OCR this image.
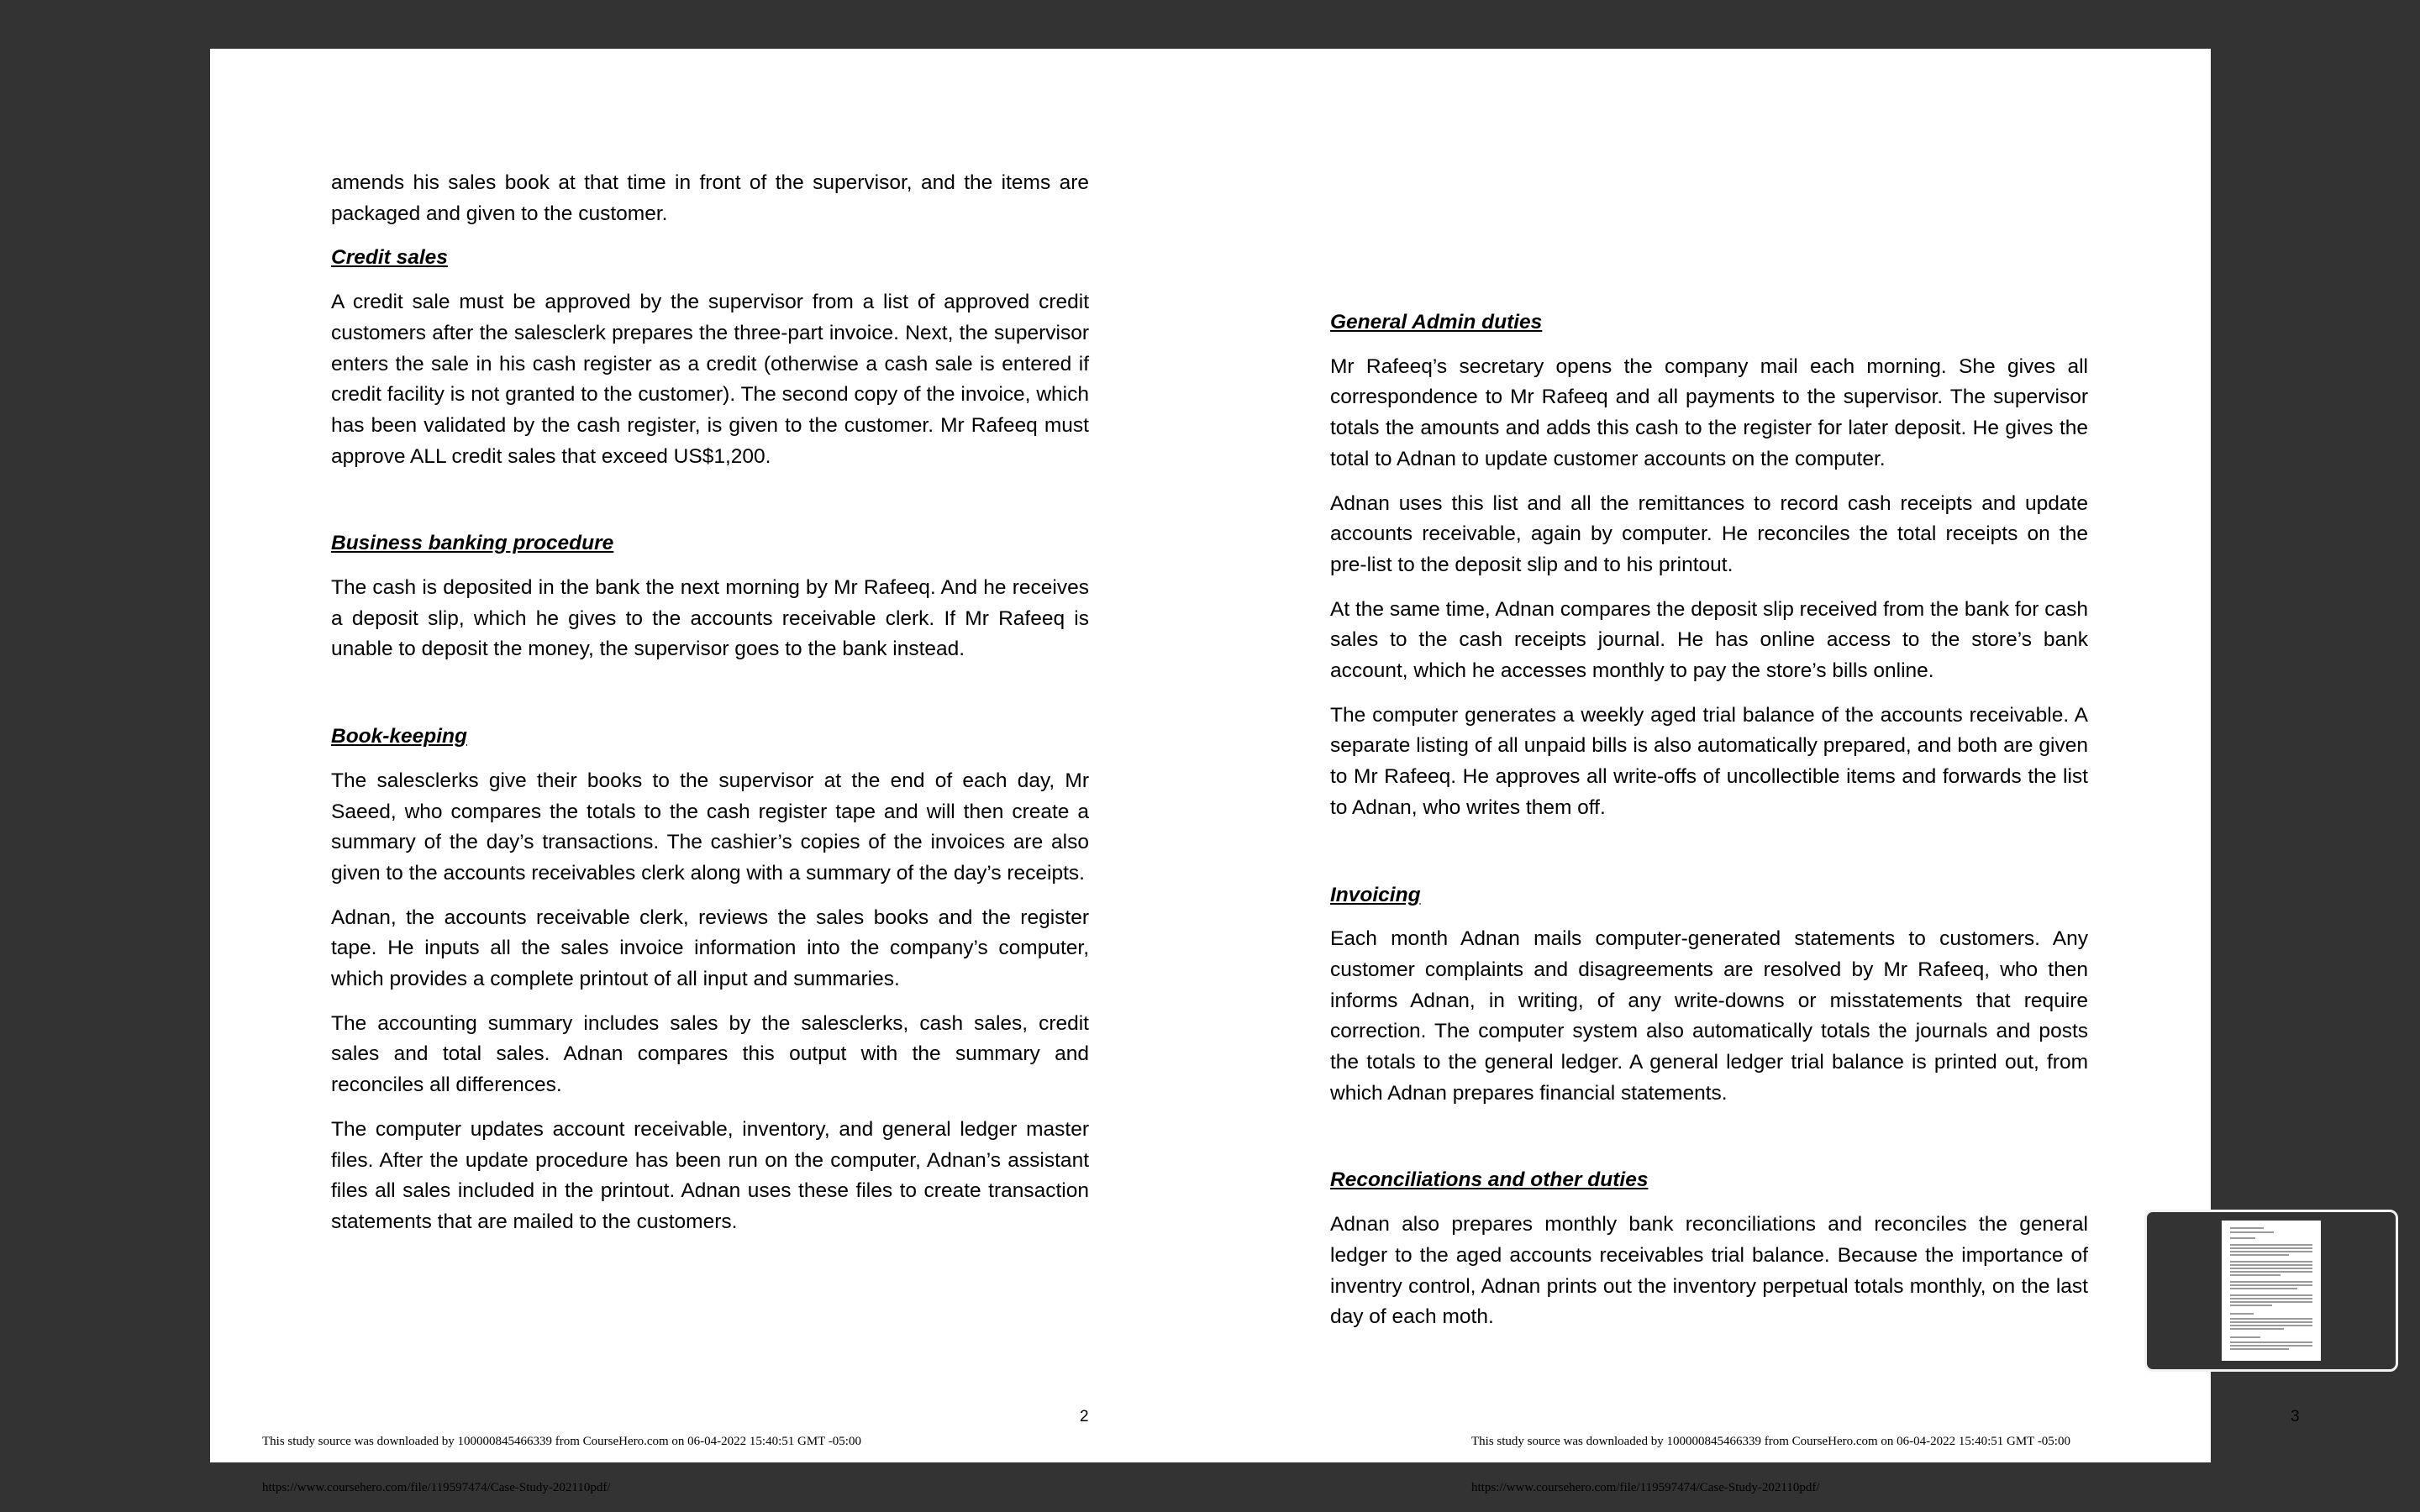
amends his sales book at that time in front of the supervisor, and the items are packaged and given to the customer.

Credit sales

A credit sale must be approved by the supervisor from a list of approved credit customers after the salesclerk prepares the three-part invoice. Next, the supervisor enters the sale in his cash register as a credit (otherwise a cash sale is entered if credit facility is not granted to the customer). The second copy of the invoice, which has been validated by the cash register, is given to the customer. Mr Rafeeq must approve ALL credit sales that exceed US$1,200.

Business banking procedure

The cash is deposited in the bank the next morning by Mr Rafeeq. And he receives a deposit slip, which he gives to the accounts receivable clerk. If Mr Rafeeq is unable to deposit the money, the supervisor goes to the bank instead.

Book-keeping

The salesclerks give their books to the supervisor at the end of each day, Mr Saeed, who compares the totals to the cash register tape and will then create a summary of the day’s transactions. The cashier’s copies of the invoices are also given to the accounts receivables clerk along with a summary of the day’s receipts.

Adnan, the accounts receivable clerk, reviews the sales books and the register tape. He inputs all the sales invoice information into the company’s computer, which provides a complete printout of all input and summaries.

The accounting summary includes sales by the salesclerks, cash sales, credit sales and total sales. Adnan compares this output with the summary and reconciles all differences.

The computer updates account receivable, inventory, and general ledger master files. After the update procedure has been run on the computer, Adnan’s assistant files all sales included in the printout. Adnan uses these files to create transaction statements that are mailed to the customers.

2
This study source was downloaded by 100000845466339 from CourseHero.com on 06-04-2022 15:40:51 GMT -05:00
https://www.coursehero.com/file/119597474/Case-Study-202110pdf/
General Admin duties

Mr Rafeeq’s secretary opens the company mail each morning. She gives all correspondence to Mr Rafeeq and all payments to the supervisor. The supervisor totals the amounts and adds this cash to the register for later deposit. He gives the total to Adnan to update customer accounts on the computer.

Adnan uses this list and all the remittances to record cash receipts and update accounts receivable, again by computer. He reconciles the total receipts on the pre-list to the deposit slip and to his printout.

At the same time, Adnan compares the deposit slip received from the bank for cash sales to the cash receipts journal. He has online access to the store’s bank account, which he accesses monthly to pay the store’s bills online.

The computer generates a weekly aged trial balance of the accounts receivable. A separate listing of all unpaid bills is also automatically prepared, and both are given to Mr Rafeeq. He approves all write-offs of uncollectible items and forwards the list to Adnan, who writes them off.

Invoicing

Each month Adnan mails computer-generated statements to customers. Any customer complaints and disagreements are resolved by Mr Rafeeq, who then informs Adnan, in writing, of any write-downs or misstatements that require correction. The computer system also automatically totals the journals and posts the totals to the general ledger. A general ledger trial balance is printed out, from which Adnan prepares financial statements.

Reconciliations and other duties

Adnan also prepares monthly bank reconciliations and reconciles the general ledger to the aged accounts receivables trial balance. Because the importance of inventry control, Adnan prints out the inventory perpetual totals monthly, on the last day of each moth.

3
This study source was downloaded by 100000845466339 from CourseHero.com on 06-04-2022 15:40:51 GMT -05:00
https://www.coursehero.com/file/119597474/Case-Study-202110pdf/
